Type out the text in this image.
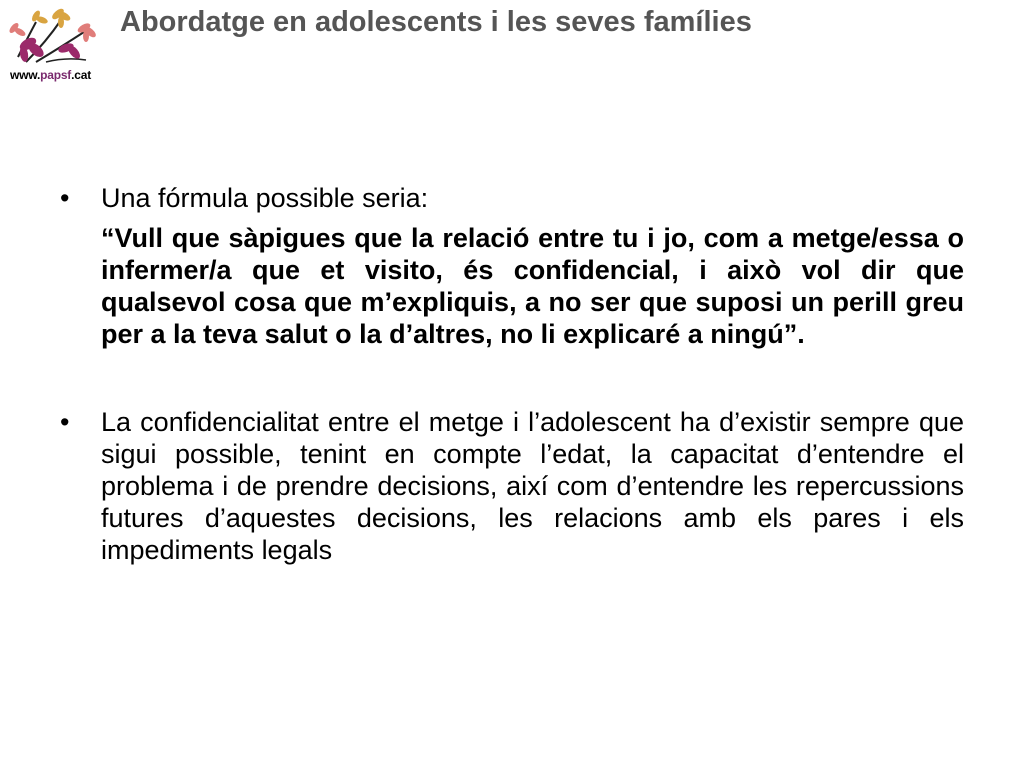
www.papsf.cat
Abordatge en adolescents i les seves famílies
• Una fórmula possible seria:
“Vull que sàpigues que la relació entre tu i jo, com a metge/essa o infermer/a que et visito, és confidencial, i això vol dir que qualsevol cosa que m’expliquis, a no ser que suposi un perill greu per a la teva salut o la d’altres, no li explicaré a ningú”.
• La confidencialitat entre el metge i l’adolescent ha d’existir sempre que sigui possible, tenint en compte l’edat, la capacitat d’entendre el problema i de prendre decisions, així com d’entendre les repercussions futures d’aquestes decisions, les relacions amb els pares i els impediments legals
